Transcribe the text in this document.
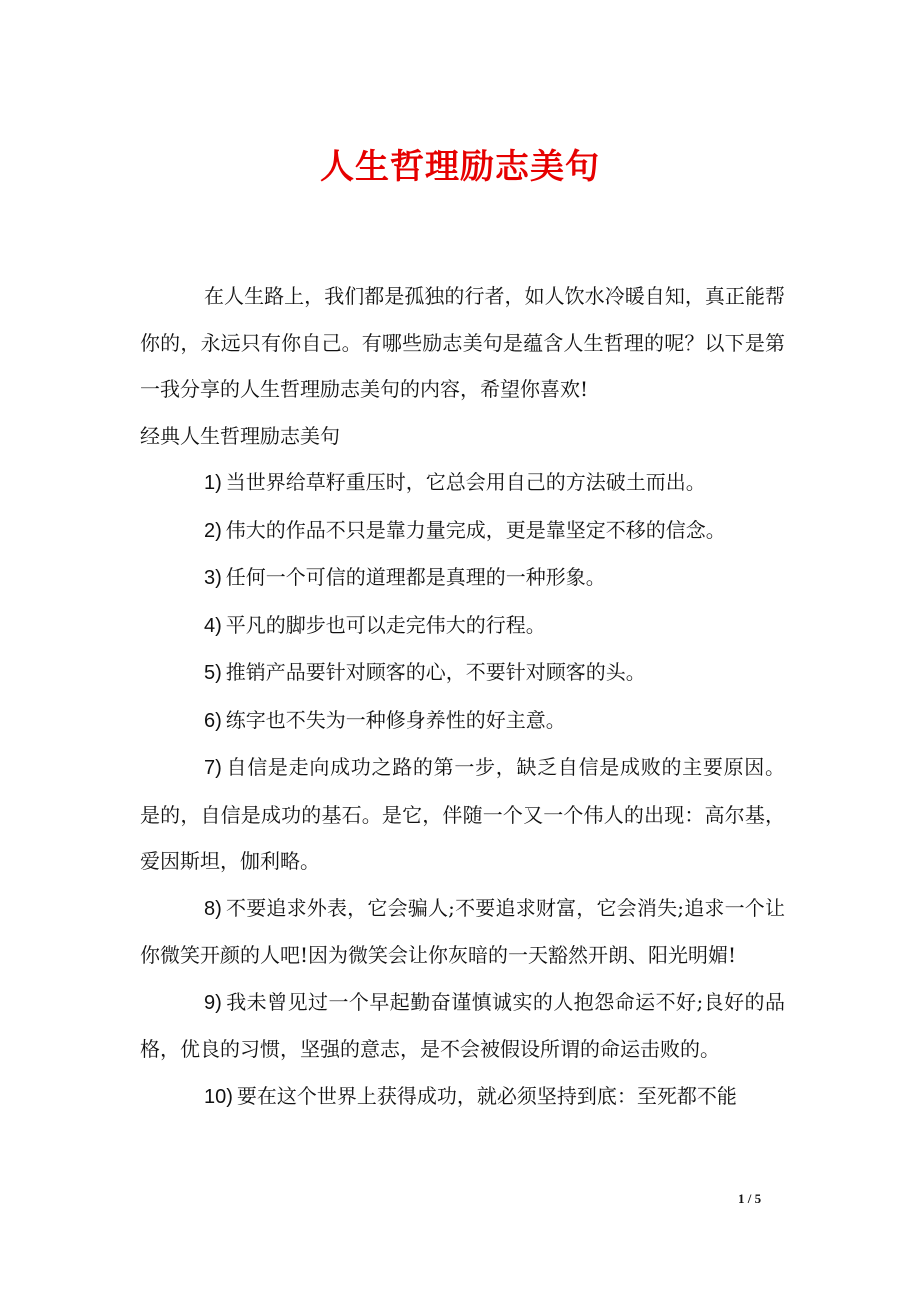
人生哲理励志美句

在人生路上，我们都是孤独的行者，如人饮水冷暖自知，真正能帮你的，永远只有你自己。有哪些励志美句是蕴含人生哲理的呢？以下是第一我分享的人生哲理励志美句的内容，希望你喜欢!

经典人生哲理励志美句

1) 当世界给草籽重压时，它总会用自己的方法破土而出。

2) 伟大的作品不只是靠力量完成，更是靠坚定不移的信念。

3) 任何一个可信的道理都是真理的一种形象。

4) 平凡的脚步也可以走完伟大的行程。

5) 推销产品要针对顾客的心，不要针对顾客的头。

6) 练字也不失为一种修身养性的好主意。

7) 自信是走向成功之路的第一步，缺乏自信是成败的主要原因。是的，自信是成功的基石。是它，伴随一个又一个伟人的出现：高尔基，爱因斯坦，伽利略。

8) 不要追求外表，它会骗人;不要追求财富，它会消失;追求一个让你微笑开颜的人吧!因为微笑会让你灰暗的一天豁然开朗、阳光明媚!

9) 我未曾见过一个早起勤奋谨慎诚实的人抱怨命运不好;良好的品格，优良的习惯，坚强的意志，是不会被假设所谓的命运击败的。

10) 要在这个世界上获得成功，就必须坚持到底：至死都不能

1 / 5
